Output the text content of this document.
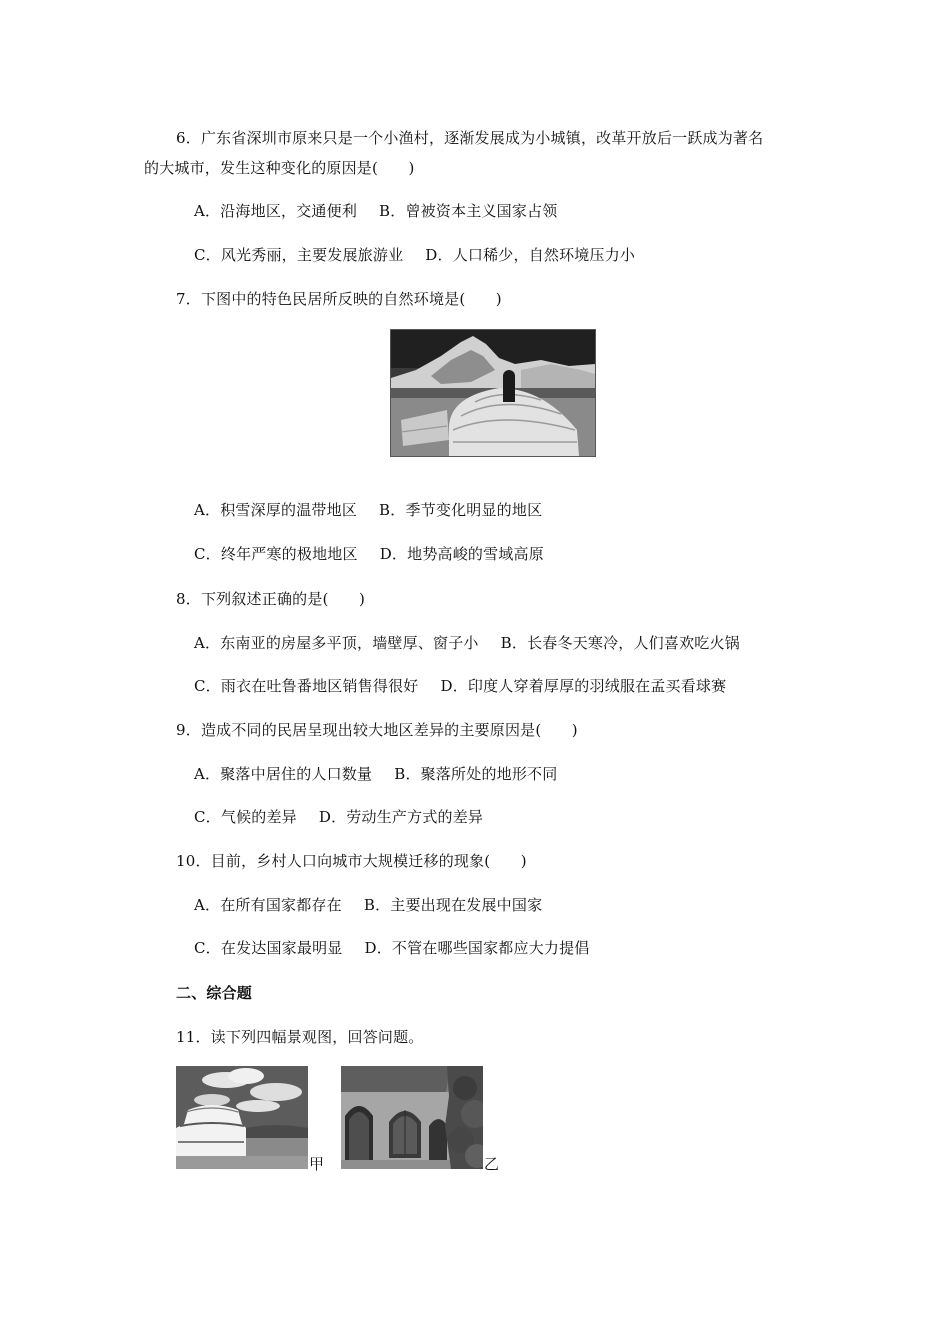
6．广东省深圳市原来只是一个小渔村，逐渐发展成为小城镇，改革开放后一跃成为著名
的大城市，发生这种变化的原因是(　　)
A．沿海地区，交通便利 B．曾被资本主义国家占领
C．风光秀丽，主要发展旅游业 D．人口稀少，自然环境压力小
7．下图中的特色民居所反映的自然环境是(　　)
A．积雪深厚的温带地区 B．季节变化明显的地区
C．终年严寒的极地地区 D．地势高峻的雪域高原
8．下列叙述正确的是(　　)
A．东南亚的房屋多平顶，墙壁厚、窗子小 B．长春冬天寒冷，人们喜欢吃火锅
C．雨衣在吐鲁番地区销售得很好 D．印度人穿着厚厚的羽绒服在孟买看球赛
9．造成不同的民居呈现出较大地区差异的主要原因是(　　)
A．聚落中居住的人口数量 B．聚落所处的地形不同
C．气候的差异 D．劳动生产方式的差异
10．目前，乡村人口向城市大规模迁移的现象(　　)
A．在所有国家都存在 B．主要出现在发展中国家
C．在发达国家最明显 D．不管在哪些国家都应大力提倡
二、综合题
11．读下列四幅景观图，回答问题。
甲	乙
